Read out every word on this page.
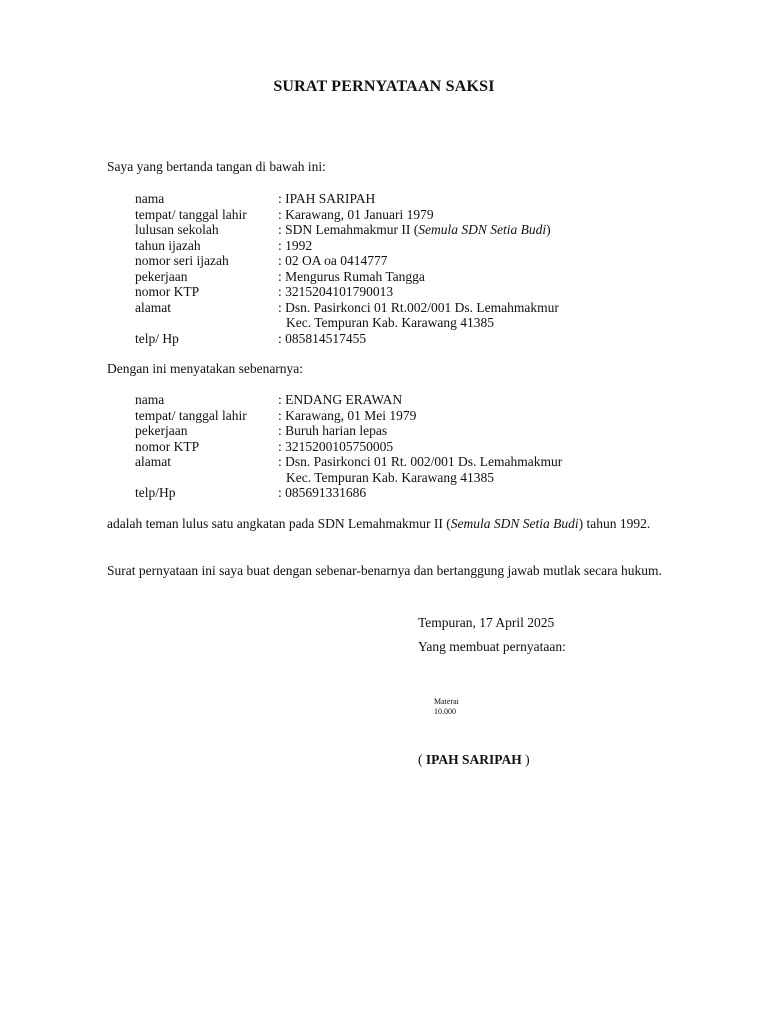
SURAT PERNYATAAN SAKSI
Saya yang bertanda tangan di bawah ini:
nama	: IPAH SARIPAH
tempat/ tanggal lahir	: Karawang, 01 Januari 1979
lulusan sekolah	: SDN Lemahmakmur II (Semula SDN Setia Budi)
tahun ijazah	: 1992
nomor seri ijazah	: 02 OA oa 0414777
pekerjaan	: Mengurus Rumah Tangga
nomor KTP	: 3215204101790013
alamat	: Dsn. Pasirkonci 01 Rt.002/001 Ds. Lemahmakmur
Kec. Tempuran Kab. Karawang 41385
telp/ Hp	: 085814517455
Dengan ini menyatakan sebenarnya:
nama	: ENDANG ERAWAN
tempat/ tanggal lahir	: Karawang, 01 Mei 1979
pekerjaan	: Buruh harian lepas
nomor KTP	: 3215200105750005
alamat	: Dsn. Pasirkonci 01 Rt. 002/001 Ds. Lemahmakmur
Kec. Tempuran Kab. Karawang 41385
telp/Hp	: 085691331686
adalah teman lulus satu angkatan pada SDN Lemahmakmur II (Semula SDN Setia Budi) tahun 1992.
Surat pernyataan ini saya buat dengan sebenar-benarnya dan bertanggung jawab mutlak secara hukum.
Tempuran, 17 April 2025
Yang membuat pernyataan:
Materai
10.000
( IPAH SARIPAH )
